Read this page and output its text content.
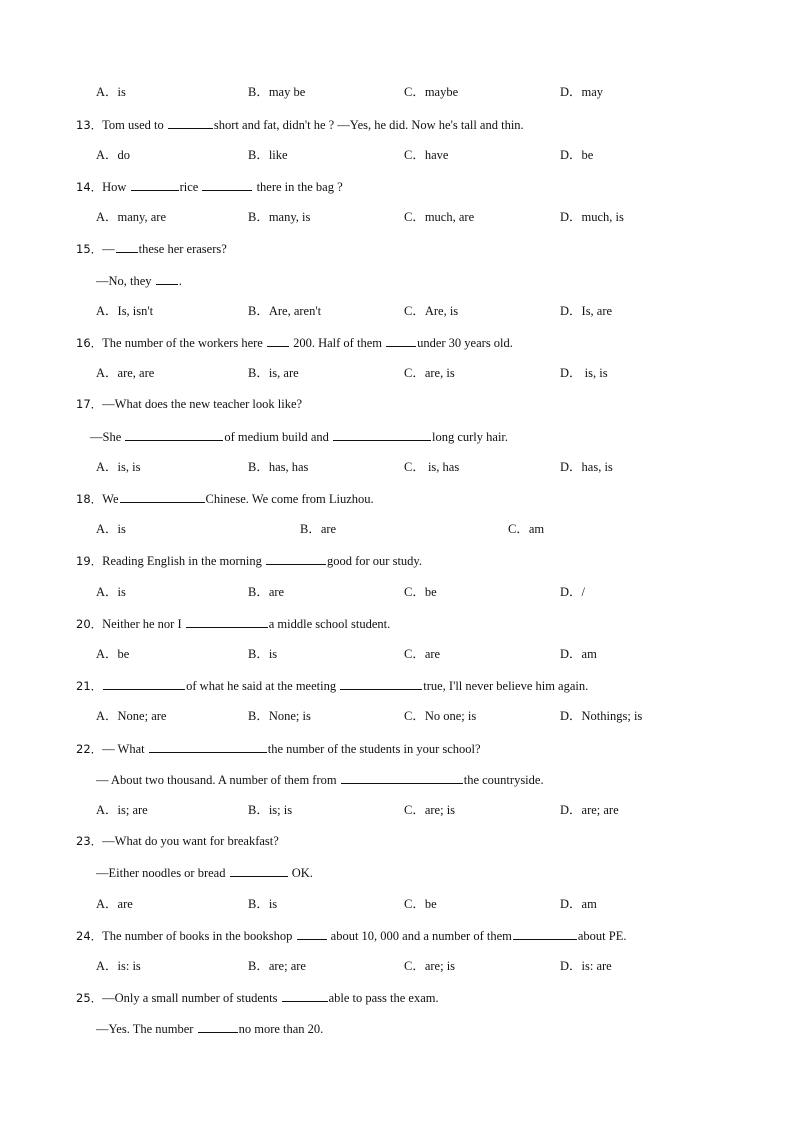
A．is	B．may be	C．maybe	D．may
13．Tom used to	short and fat, didn't he ? —Yes, he did. Now he's tall and thin.
A．do	B．like	C．have	D．be
14．How	rice	there in the bag ?
A．many, are	B．many, is	C．much, are	D．much, is
15．— these her erasers?
—No, they .
A．Is, isn't	B．Are, aren't	C．Are, is	D．Is, are
16．The number of the workers here  200. Half of them	under 30 years old.
A．are, are	B．is, are	C．are, is	D． is, is
17．—What does the new teacher look like?
—She	of medium build and	long curly hair.
A．is, is	B．has, has	C． is, has	D．has, is
18．We	Chinese. We come from Liuzhou.
A．is	B．are	C．am
19．Reading English in the morning	good for our study.
A．is	B．are	C．be	D．/
20．Neither he nor I	a middle school student.
A．be	B．is	C．are	D．am
21．	of what he said at the meeting	true, I'll never believe him again.
A．None; are	B．None; is	C．No one; is	D．Nothings; is
22．— What	the number of the students in your school?
— About two thousand. A number of them from	the countryside.
A．is; are	B．is; is	C．are; is	D．are; are
23．—What do you want for breakfast?
—Either noodles or bread	OK.
A．are	B．is	C．be	D．am
24．The number of books in the bookshop	about 10, 000 and a number of them	about PE.
A．is: is	B．are; are	C．are; is	D．is: are
25．—Only a small number of students	able to pass the exam.
—Yes. The number	no more than 20.
